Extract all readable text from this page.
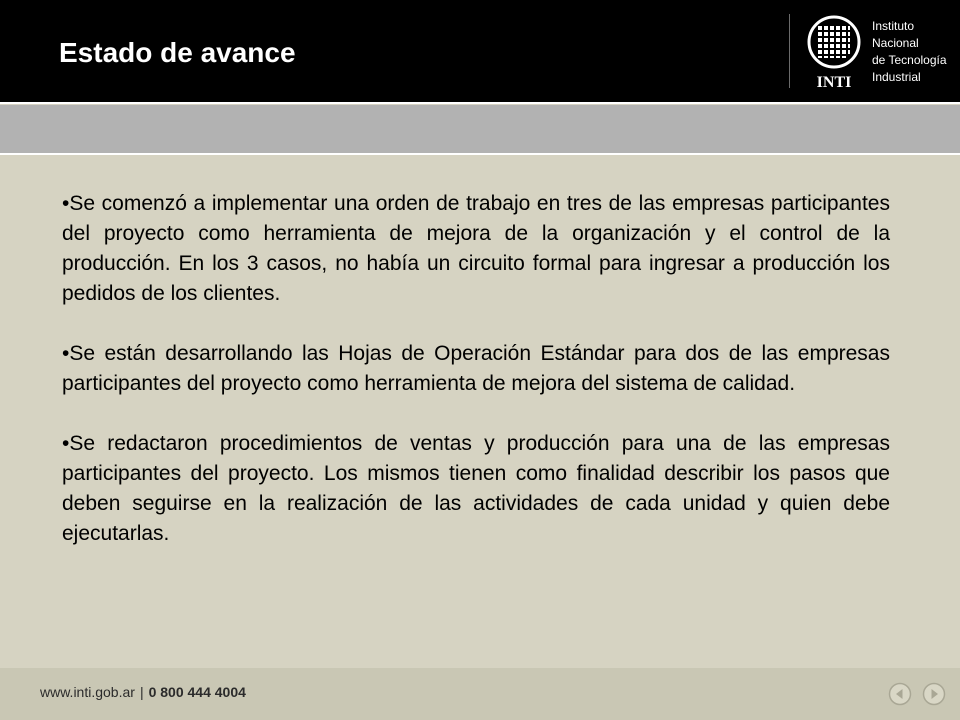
Estado de avance
INTI
Instituto
Nacional
de Tecnología
Industrial

•Se comenzó a implementar una orden de trabajo en tres de las empresas participantes del proyecto como herramienta de mejora de la organización y el control de la producción. En los 3 casos, no había un circuito formal para ingresar a producción los pedidos de los clientes.

•Se están desarrollando las Hojas de Operación Estándar para dos de las empresas participantes del proyecto como herramienta de mejora del sistema de calidad.

•Se redactaron procedimientos de ventas y producción para una de las empresas participantes del proyecto. Los mismos tienen como finalidad describir los pasos que deben seguirse en la realización de las actividades de cada unidad y quien debe ejecutarlas.

www.inti.gob.ar | 0 800 444 4004
